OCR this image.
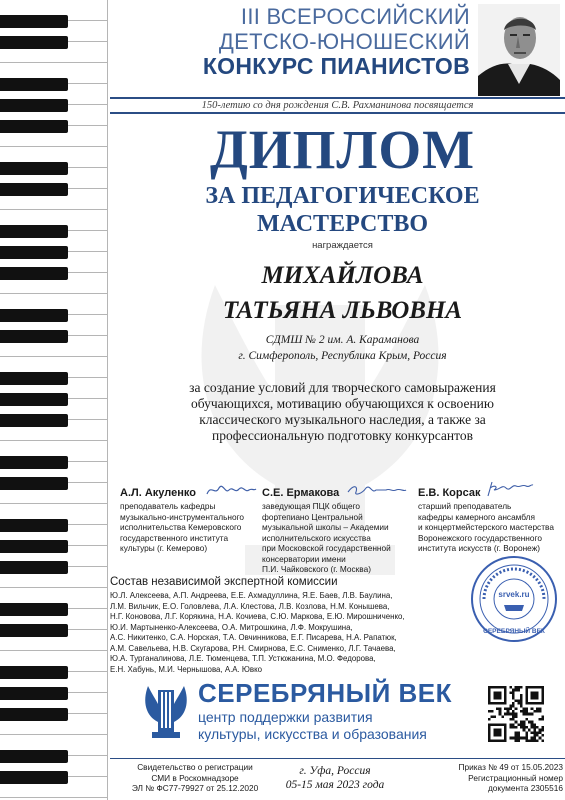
III ВСЕРОССИЙСКИЙ
ДЕТСКО-ЮНОШЕСКИЙ
КОНКУРС ПИАНИСТОВ
150-летию со дня рождения С.В. Рахманинова посвящается
ДИПЛОМ
ЗА ПЕДАГОГИЧЕСКОЕ
МАСТЕРСТВО
награждается
МИХАЙЛОВА
ТАТЬЯНА ЛЬВОВНА
СДМШ № 2 им. А. Караманова
г. Симферополь, Республика Крым, Россия
за создание условий для творческого самовыражения
обучающихся, мотивацию обучающихся к освоению
классического музыкального наследия, а также за
профессиональную подготовку конкурсантов
А.Л. Акуленко
преподаватель кафедры
музыкально-инструментального
исполнительства Кемеровского
государственного института
культуры (г. Кемерово)
С.Е. Ермакова
заведующая ПЦК общего
фортепиано Центральной
музыкальной школы – Академии
исполнительского искусства
при Московской государственной
консерватории имени
П.И. Чайковского (г. Москва)
Е.В. Корсак
старший преподаватель
кафедры камерного ансамбля
и концертмейстерского мастерства
Воронежского государственного
института искусств (г. Воронеж)
Состав независимой экспертной комиссии
Ю.Л. Алексеева, А.П. Андреева, Е.Е. Ахмадуллина, Я.Е. Баев, Л.В. Баулина,
Л.М. Вильчик, Е.О. Головлева, Л.А. Клестова, Л.В. Козлова, Н.М. Конышева,
Н.Г. Коновова, Л.Г. Корякина, Н.А. Кочиева, С.Ю. Маркова, Е.Ю. Мирошниченко,
Ю.И. Мартыненко-Алексеева, О.А. Митрошкина, Л.Ф. Мокрушина,
А.С. Никитенко, С.А. Норская, Т.А. Овчинникова, Е.Г. Писарева, Н.А. Рапатюк,
А.М. Савельева, Н.В. Скугарова, Р.Н. Смирнова, Е.С. Снименко, Л.Г. Тачаева,
Ю.А. Турганалинова, Л.Е. Тюменцева, Т.П. Устюжанина, М.О. Федорова,
Е.Н. Хабунь, М.И. Чернышова, А.А. Ювко
srvek.ru
СЕРЕБРЯНЫЙ ВЕК
СЕРЕБРЯНЫЙ ВЕК
центр поддержки развития
культуры, искусства и образования
Свидетельство о регистрации
СМИ в Роскомнадзоре
ЭЛ № ФС77-79927 от 25.12.2020
г. Уфа, Россия
05-15 мая 2023 года
Приказ № 49 от 15.05.2023
Регистрационный номер
документа 2305516
